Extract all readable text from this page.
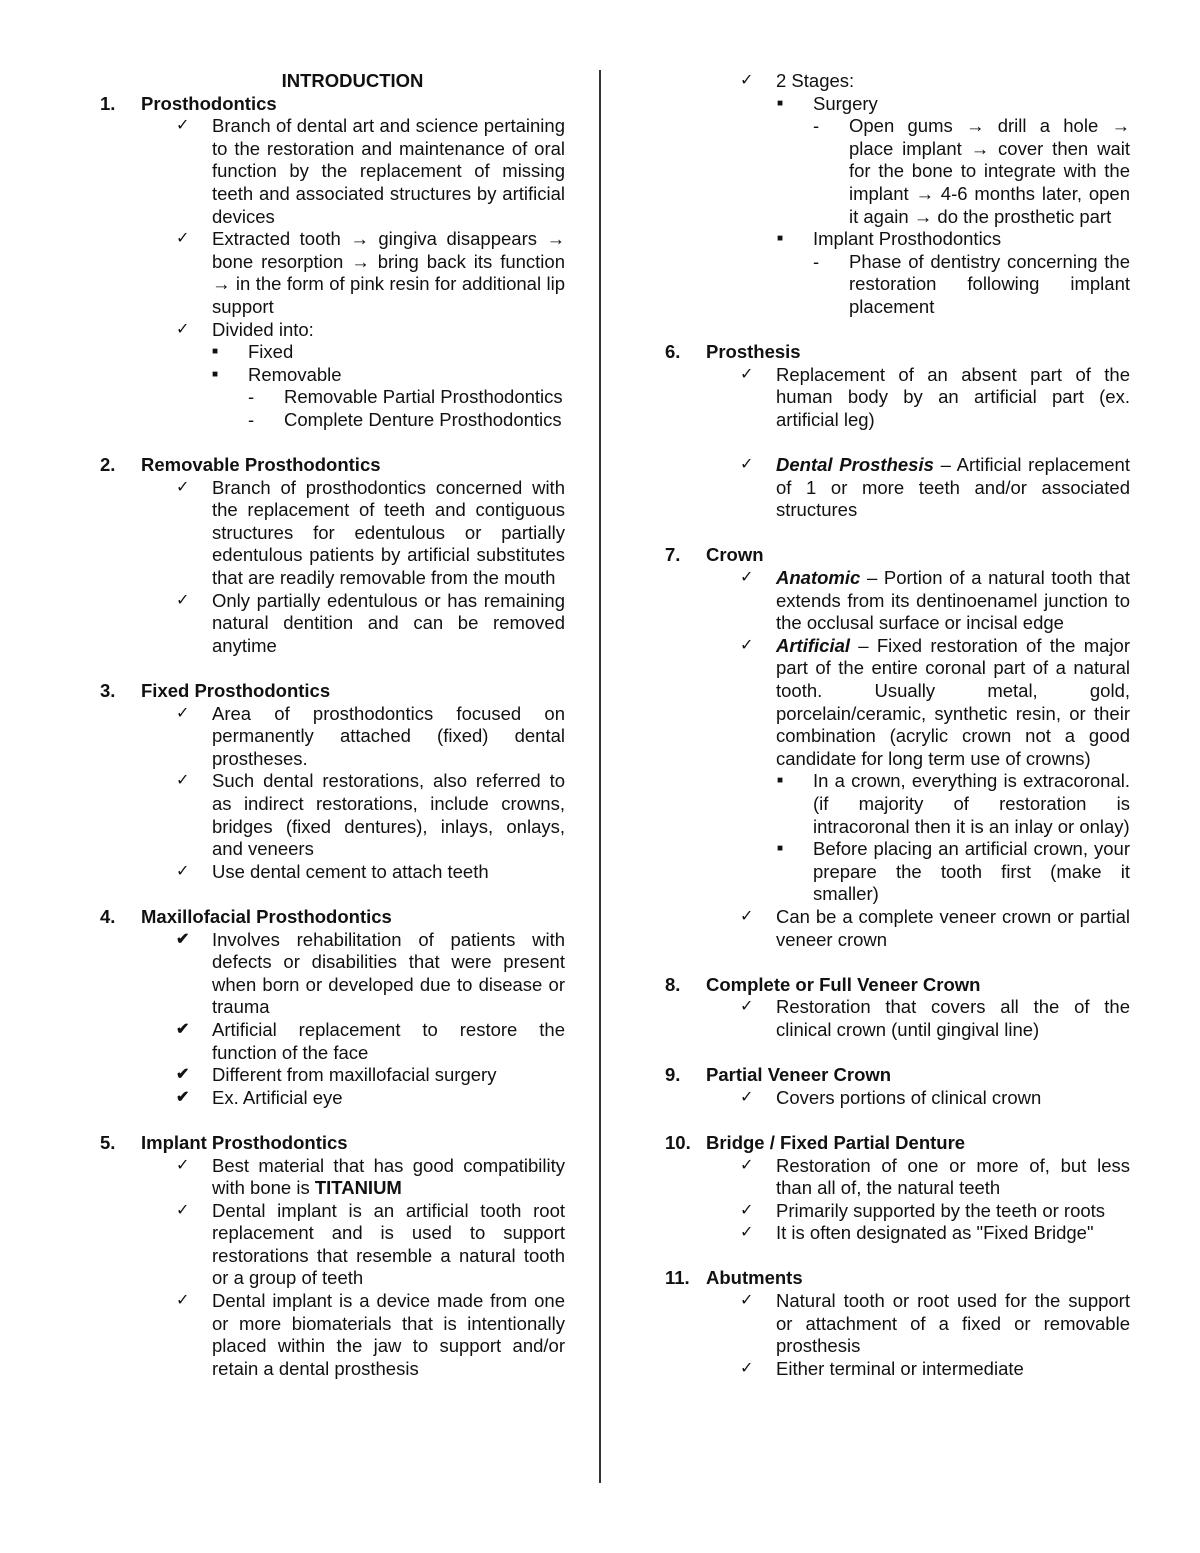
INTRODUCTION
1.	Prosthodontics
✓	Branch of dental art and science pertaining to the restoration and maintenance of oral function by the replacement of missing teeth and associated structures by artificial devices
✓	Extracted tooth → gingiva disappears → bone resorption → bring back its function → in the form of pink resin for additional lip support
✓	Divided into:
■	Fixed
■	Removable
-	Removable Partial Prosthodontics
-	Complete Denture Prosthodontics
2.	Removable Prosthodontics
✓	Branch of prosthodontics concerned with the replacement of teeth and contiguous structures for edentulous or partially edentulous patients by artificial substitutes that are readily removable from the mouth
✓	Only partially edentulous or has remaining natural dentition and can be removed anytime
3.	Fixed Prosthodontics
✓	Area of prosthodontics focused on permanently attached (fixed) dental prostheses.
✓	Such dental restorations, also referred to as indirect restorations, include crowns, bridges (fixed dentures), inlays, onlays, and veneers
✓	Use dental cement to attach teeth
4.	Maxillofacial Prosthodontics
✔	Involves rehabilitation of patients with defects or disabilities that were present when born or developed due to disease or trauma
✔	Artificial replacement to restore the function of the face
✔	Different from maxillofacial surgery
✔	Ex. Artificial eye
5.	Implant Prosthodontics
✓	Best material that has good compatibility with bone is TITANIUM
✓	Dental implant is an artificial tooth root replacement and is used to support restorations that resemble a natural tooth or a group of teeth
✓	Dental implant is a device made from one or more biomaterials that is intentionally placed within the jaw to support and/or retain a dental prosthesis
✓	2 Stages:
■	Surgery
-	Open gums → drill a hole → place implant → cover then wait for the bone to integrate with the implant → 4-6 months later, open it again → do the prosthetic part
■	Implant Prosthodontics
-	Phase of dentistry concerning the restoration following implant placement
6.	Prosthesis
✓	Replacement of an absent part of the human body by an artificial part (ex. artificial leg)
✓	Dental Prosthesis – Artificial replacement of 1 or more teeth and/or associated structures
7.	Crown
✓	Anatomic – Portion of a natural tooth that extends from its dentinoenamel junction to the occlusal surface or incisal edge
✓	Artificial – Fixed restoration of the major part of the entire coronal part of a natural tooth. Usually metal, gold, porcelain/ceramic, synthetic resin, or their combination (acrylic crown not a good candidate for long term use of crowns)
■	In a crown, everything is extracoronal. (if majority of restoration is intracoronal then it is an inlay or onlay)
■	Before placing an artificial crown, your prepare the tooth first (make it smaller)
✓	Can be a complete veneer crown or partial veneer crown
8.	Complete or Full Veneer Crown
✓	Restoration that covers all the of the clinical crown (until gingival line)
9.	Partial Veneer Crown
✓	Covers portions of clinical crown
10. Bridge / Fixed Partial Denture
✓	Restoration of one or more of, but less than all of, the natural teeth
✓	Primarily supported by the teeth or roots
✓	It is often designated as "Fixed Bridge"
11. Abutments
✓	Natural tooth or root used for the support or attachment of a fixed or removable prosthesis
✓	Either terminal or intermediate
